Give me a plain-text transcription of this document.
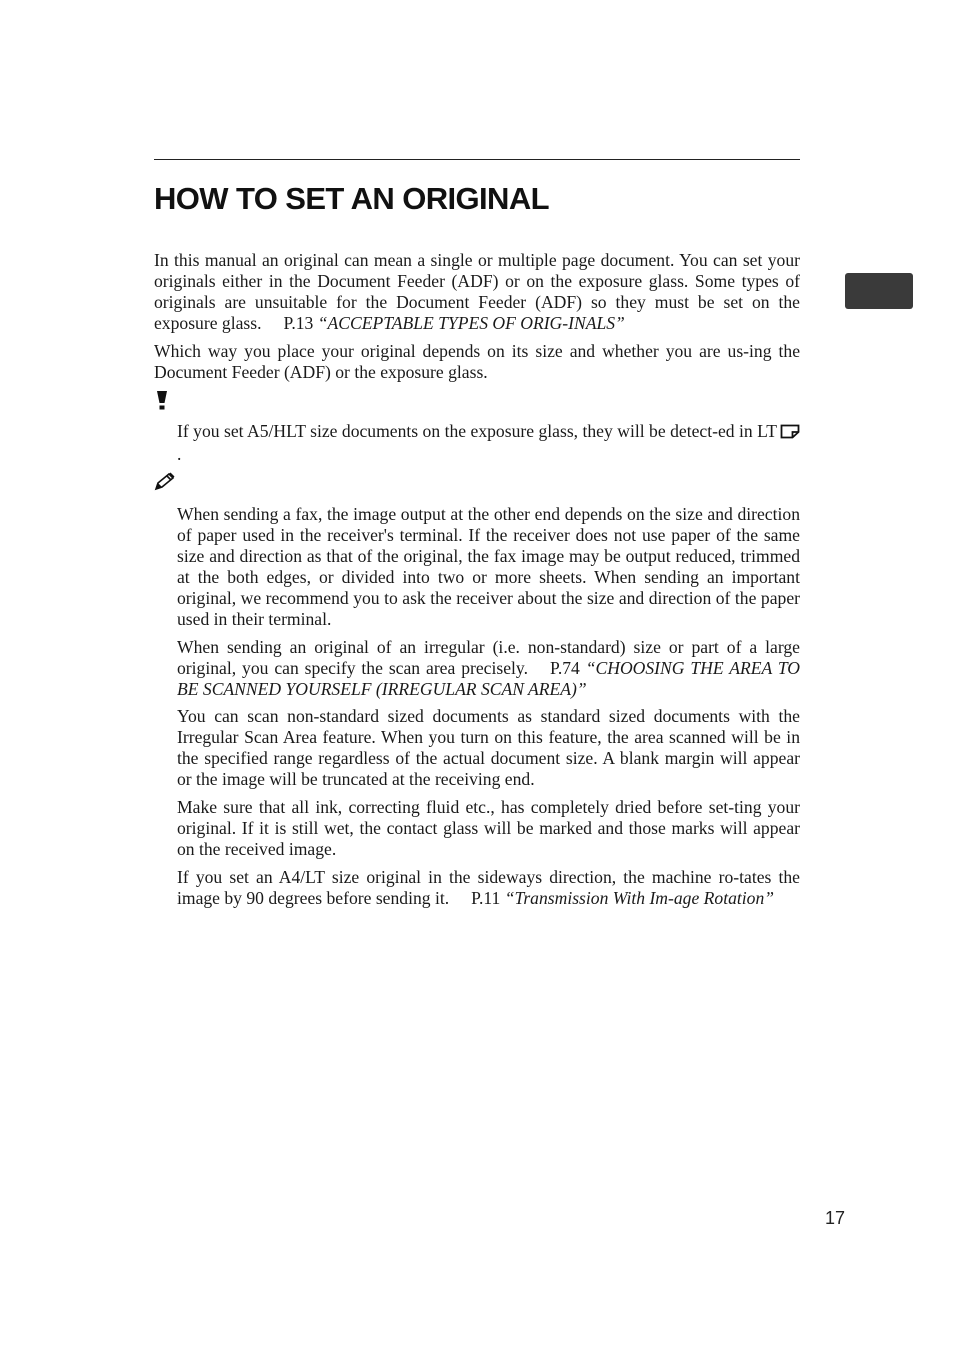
HOW TO SET AN ORIGINAL

In this manual an original can mean a single or multiple page document. You can set your originals either in the Document Feeder (ADF) or on the exposure glass. Some types of originals are unsuitable for the Document Feeder (ADF) so they must be set on the exposure glass. P.13 “ACCEPTABLE TYPES OF ORIG-INALS”

Which way you place your original depends on its size and whether you are us-ing the Document Feeder (ADF) or the exposure glass.

If you set A5/HLT size documents on the exposure glass, they will be detect-ed in LT.

When sending a fax, the image output at the other end depends on the size and direction of paper used in the receiver's terminal. If the receiver does not use paper of the same size and direction as that of the original, the fax image may be output reduced, trimmed at the both edges, or divided into two or more sheets. When sending an important original, we recommend you to ask the receiver about the size and direction of the paper used in their terminal.

When sending an original of an irregular (i.e. non-standard) size or part of a large original, you can specify the scan area precisely. P.74 “CHOOSING THE AREA TO BE SCANNED YOURSELF (IRREGULAR SCAN AREA)”

You can scan non-standard sized documents as standard sized documents with the Irregular Scan Area feature. When you turn on this feature, the area scanned will be in the specified range regardless of the actual document size. A blank margin will appear or the image will be truncated at the receiving end.

Make sure that all ink, correcting fluid etc., has completely dried before set-ting your original. If it is still wet, the contact glass will be marked and those marks will appear on the received image.

If you set an A4/LT size original in the sideways direction, the machine ro-tates the image by 90 degrees before sending it. P.11 “Transmission With Im-age Rotation”

17
